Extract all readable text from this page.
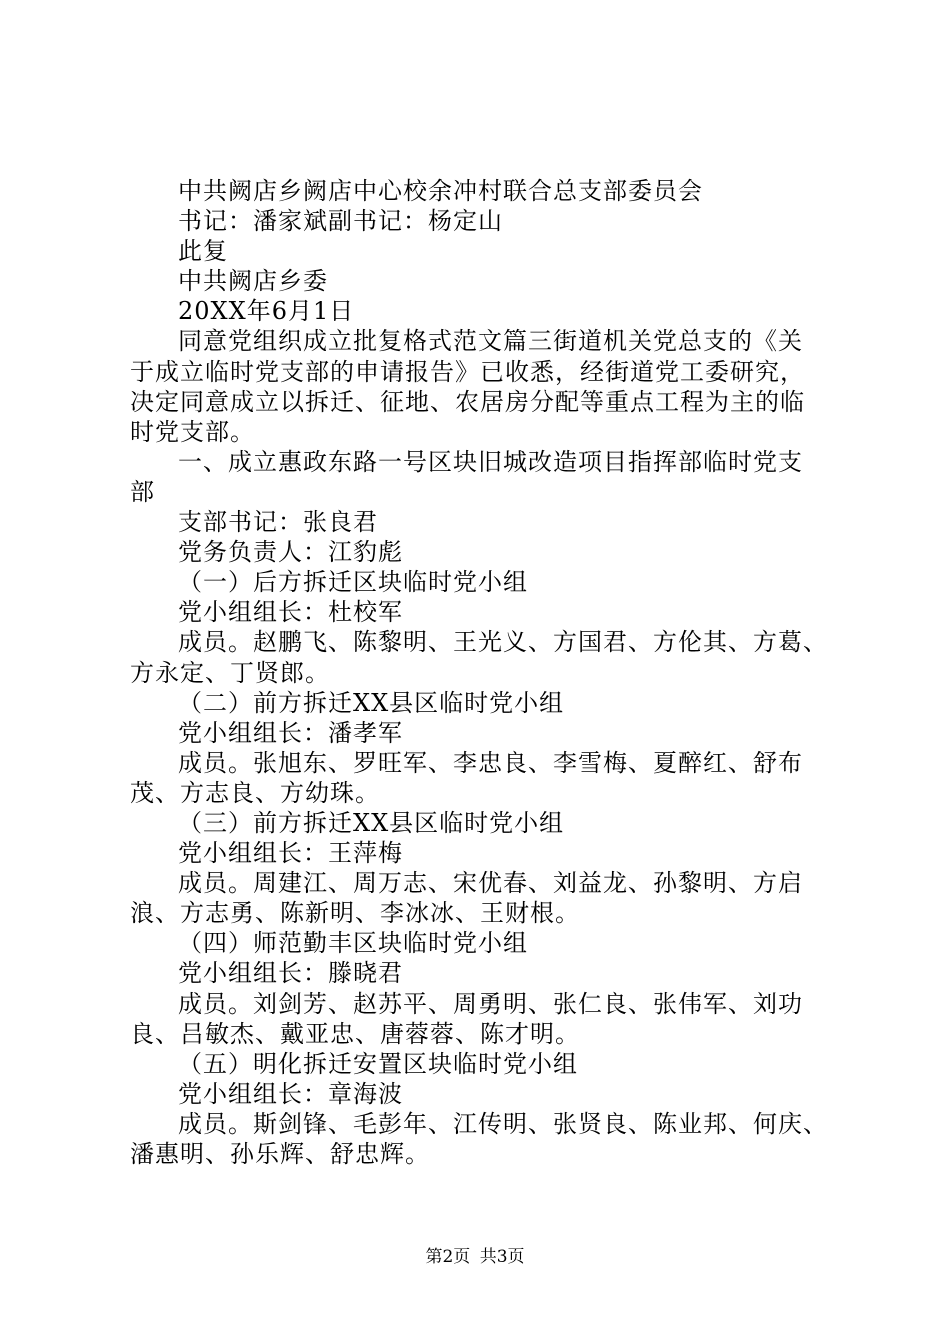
中共阙店乡阙店中心校余冲村联合总支部委员会
书记：潘家斌副书记：杨定山
此复
中共阙店乡委
20XX年6月1日
同意党组织成立批复格式范文篇三街道机关党总支的《关
于成立临时党支部的申请报告》已收悉，经街道党工委研究，
决定同意成立以拆迁、征地、农居房分配等重点工程为主的临
时党支部。
一、成立惠政东路一号区块旧城改造项目指挥部临时党支
部
支部书记：张良君
党务负责人：江豹彪
（一）后方拆迁区块临时党小组
党小组组长：杜校军
成员。赵鹏飞、陈黎明、王光义、方国君、方伦其、方葛、
方永定、丁贤郎。
（二）前方拆迁XX县区临时党小组
党小组组长：潘孝军
成员。张旭东、罗旺军、李忠良、李雪梅、夏醉红、舒布
茂、方志良、方幼珠。
（三）前方拆迁XX县区临时党小组
党小组组长：王萍梅
成员。周建江、周万志、宋优春、刘益龙、孙黎明、方启
浪、方志勇、陈新明、李冰冰、王财根。
（四）师范勤丰区块临时党小组
党小组组长：滕晓君
成员。刘剑芳、赵苏平、周勇明、张仁良、张伟军、刘功
良、吕敏杰、戴亚忠、唐蓉蓉、陈才明。
（五）明化拆迁安置区块临时党小组
党小组组长：章海波
成员。斯剑锋、毛彭年、江传明、张贤良、陈业邦、何庆、
潘惠明、孙乐辉、舒忠辉。
第2页 共3页
